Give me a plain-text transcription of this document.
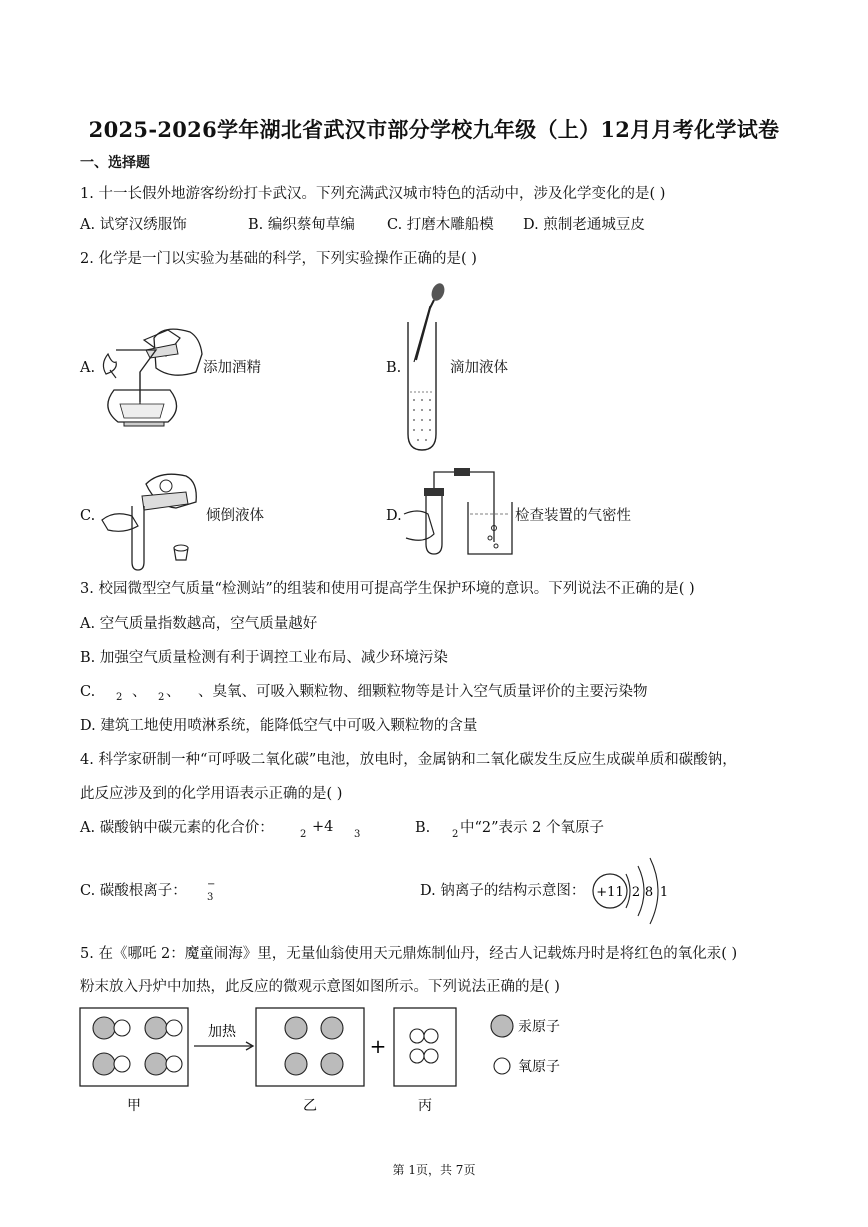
2025-2026学年湖北省武汉市部分学校九年级（上）12月月考化学试卷
一、选择题
1. 十一长假外地游客纷纷打卡武汉。下列充满武汉城市特色的活动中，涉及化学变化的是( )
A. 试穿汉绣服饰	B. 编织蔡甸草编 C. 打磨木雕船模 D. 煎制老通城豆皮
2. 化学是一门以实验为基础的科学，下列实验操作正确的是( )
A.	添加酒精	B.	滴加液体
C.	倾倒液体	D.	检查装置的气密性
3. 校园微型空气质量“检测站”的组装和使用可提高学生保护环境的意识。下列说法不正确的是( )
A. 空气质量指数越高，空气质量越好
B. 加强空气质量检测有利于调控工业布局、减少环境污染
C. 2 、 2 、 、臭氧、可吸入颗粒物、细颗粒物等是计入空气质量评价的主要污染物
D. 建筑工地使用喷淋系统，能降低空气中可吸入颗粒物的含量
4. 科学家研制一种“可呼吸二氧化碳”电池，放电时，金属钠和二氧化碳发生反应生成碳单质和碳酸钠，
此反应涉及到的化学用语表示正确的是( )
A. 碳酸钠中碳元素的化合价：	2 +4 3	B. 2 中“2”表示 2 个氧原子
C. 碳酸根离子： −
3	D. 钠离子的结构示意图： +11 2 8 1
5. 在《哪吒 2：魔童闹海》里，无量仙翁使用天元鼎炼制仙丹，经古人记载炼丹时是将红色的氧化汞( )
粉末放入丹炉中加热，此反应的微观示意图如图所示。下列说法正确的是( )
加热
+
汞原子
氧原子
甲	乙	丙
第 1页，共 7页
